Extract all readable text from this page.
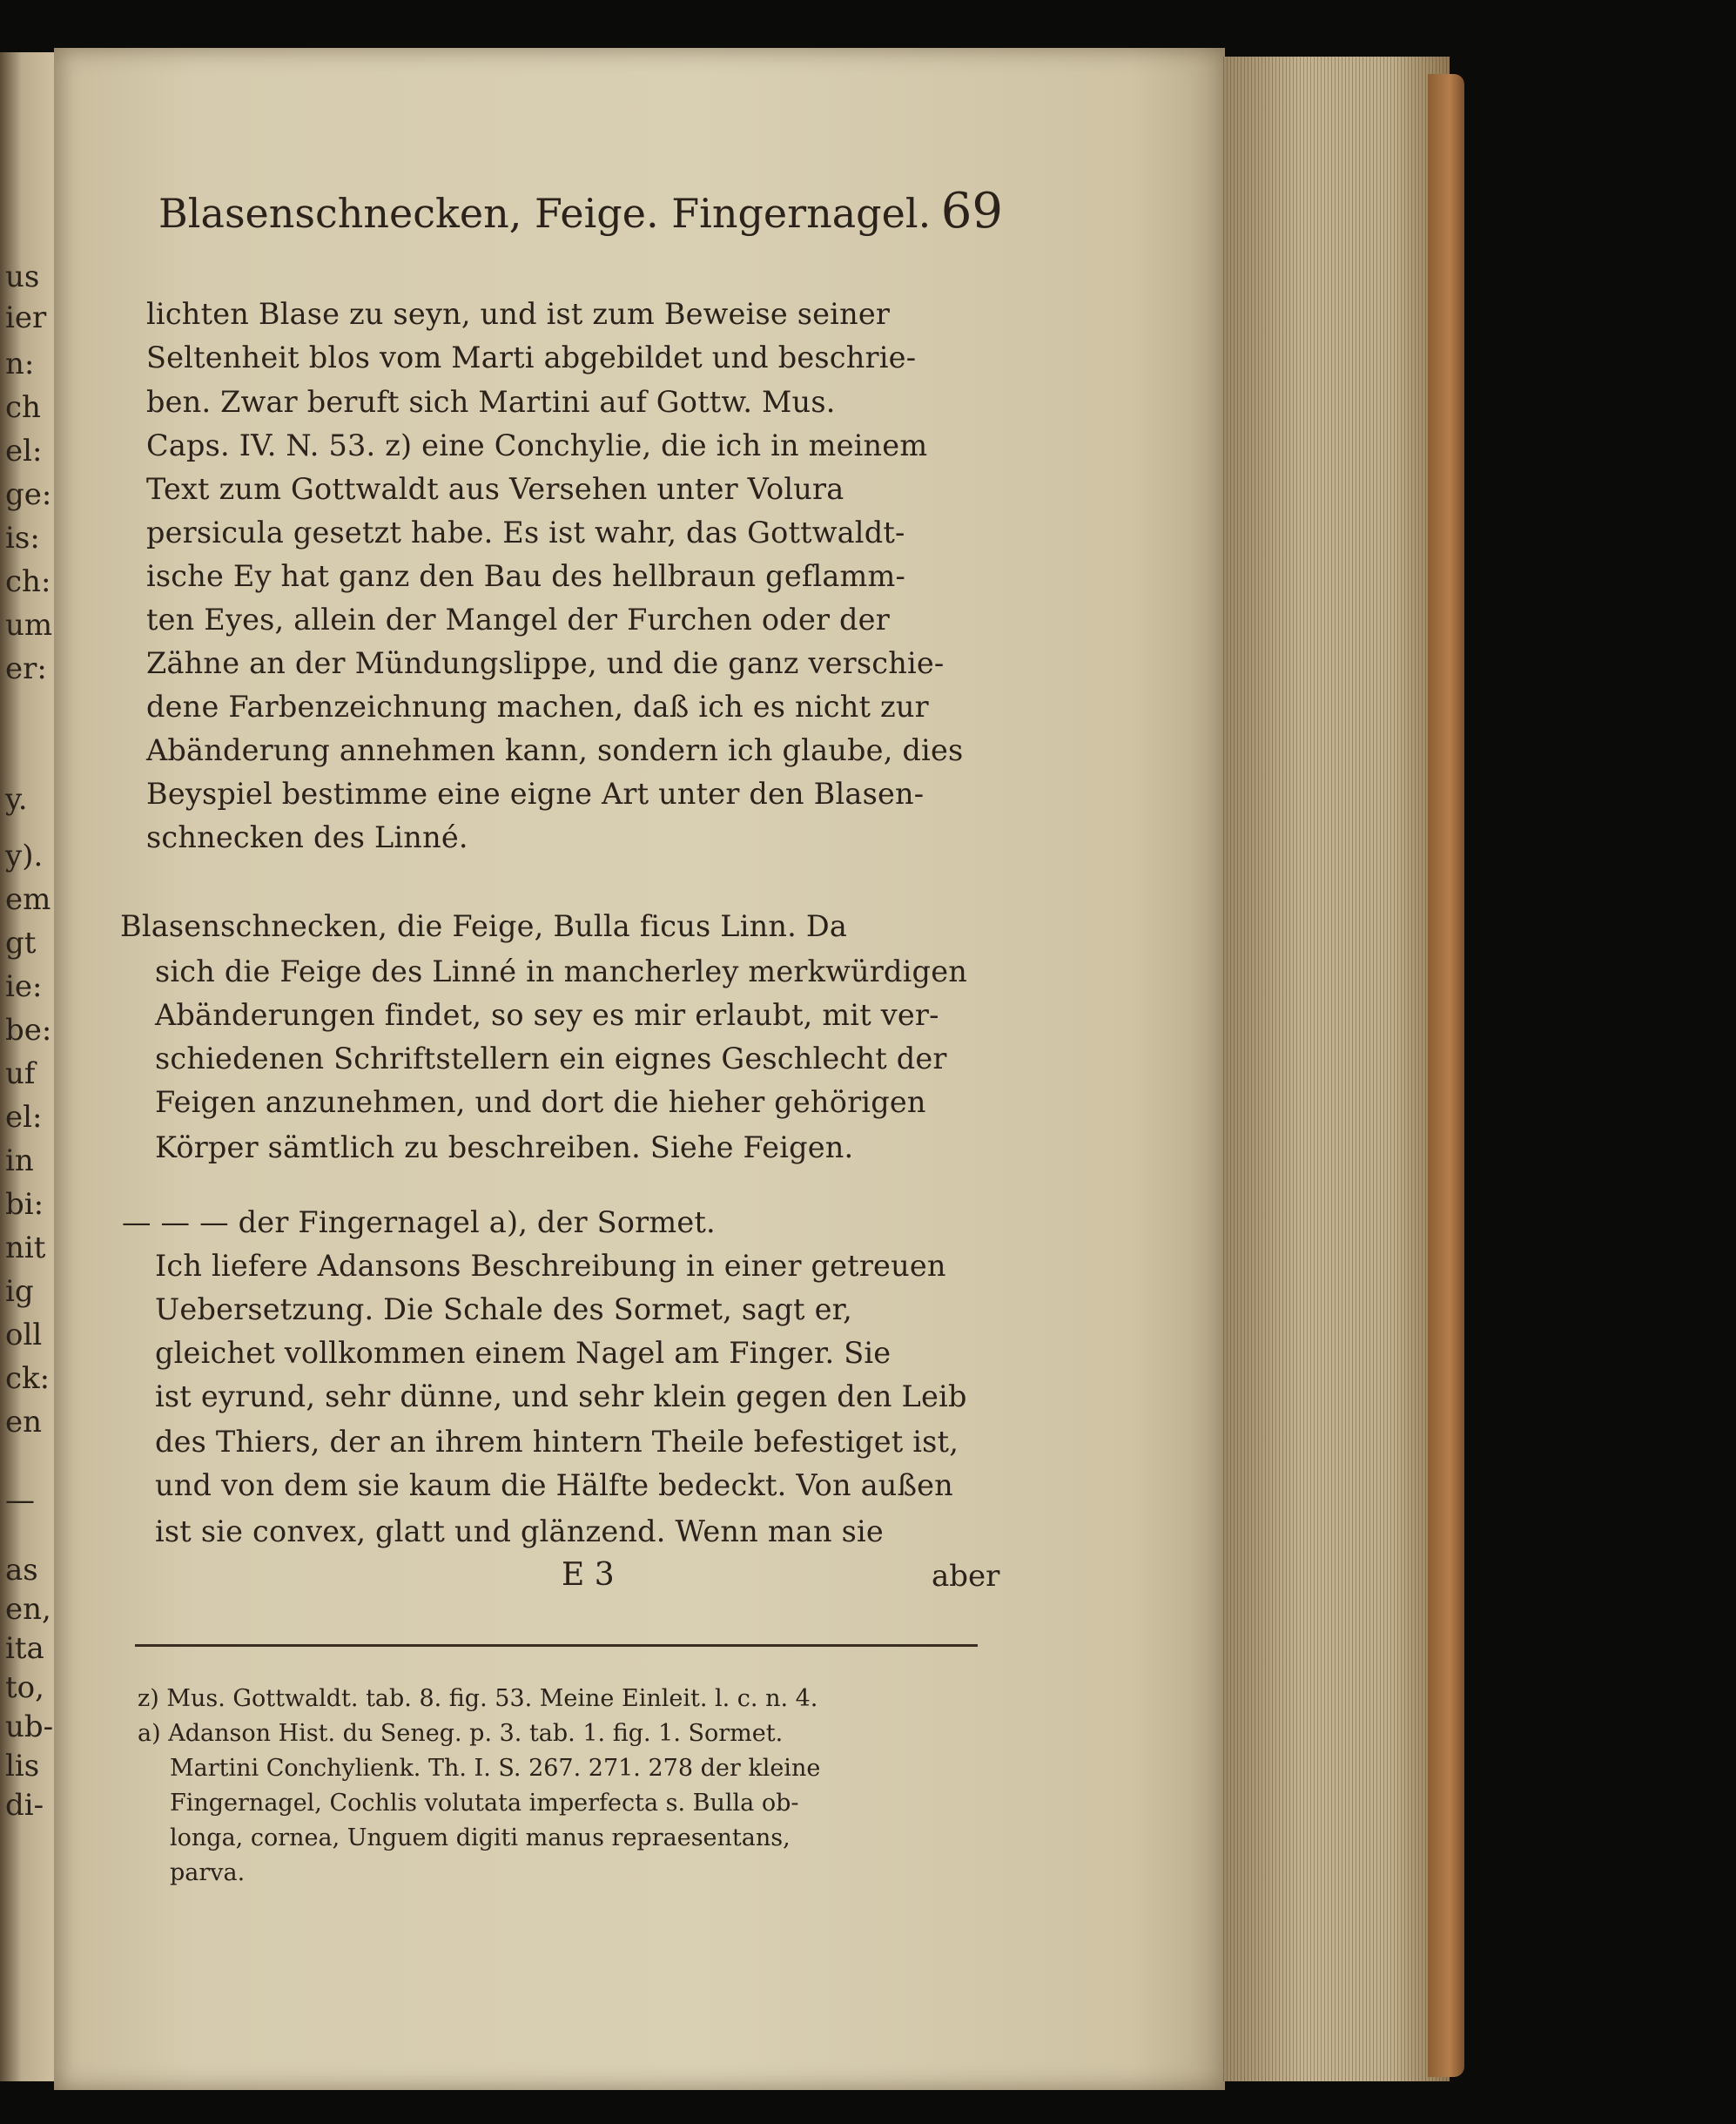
us
ier
n:
ch
el:
ge:
is:
ch:
um
er:
y.
y).
em
gt
ie:
be:
uf
el:
in
bi:
nit
ig
oll
ck:
en
—
as
en,
ita
to,
ub-
lis
di-
Blasenschnecken, Feige. Fingernagel. 69
lichten Blase zu seyn, und ist zum Beweise seiner
Seltenheit blos vom Marti abgebildet und beschrie-
ben. Zwar beruft sich Martini auf Gottw. Mus.
Caps. IV. N. 53. z) eine Conchylie, die ich in meinem
Text zum Gottwaldt aus Versehen unter Volura
persicula gesetzt habe. Es ist wahr, das Gottwaldt-
ische Ey hat ganz den Bau des hellbraun geflamm-
ten Eyes, allein der Mangel der Furchen oder der
Zähne an der Mündungslippe, und die ganz verschie-
dene Farbenzeichnung machen, daß ich es nicht zur
Abänderung annehmen kann, sondern ich glaube, dies
Beyspiel bestimme eine eigne Art unter den Blasen-
schnecken des Linné.
Blasenschnecken, die Feige, Bulla ficus Linn. Da
sich die Feige des Linné in mancherley merkwürdigen
Abänderungen findet, so sey es mir erlaubt, mit ver-
schiedenen Schriftstellern ein eignes Geschlecht der
Feigen anzunehmen, und dort die hieher gehörigen
Körper sämtlich zu beschreiben. Siehe Feigen.
— — — der Fingernagel a), der Sormet.
Ich liefere Adansons Beschreibung in einer getreuen
Uebersetzung. Die Schale des Sormet, sagt er,
gleichet vollkommen einem Nagel am Finger. Sie
ist eyrund, sehr dünne, und sehr klein gegen den Leib
des Thiers, der an ihrem hintern Theile befestiget ist,
und von dem sie kaum die Hälfte bedeckt. Von außen
ist sie convex, glatt und glänzend. Wenn man sie
E 3	aber
z) Mus. Gottwaldt. tab. 8. fig. 53. Meine Einleit. l. c. n. 4.
a) Adanson Hist. du Seneg. p. 3. tab. 1. fig. 1. Sormet.
Martini Conchylienk. Th. I. S. 267. 271. 278 der kleine
Fingernagel, Cochlis volutata imperfecta s. Bulla ob-
longa, cornea, Unguem digiti manus repraesentans,
parva.
